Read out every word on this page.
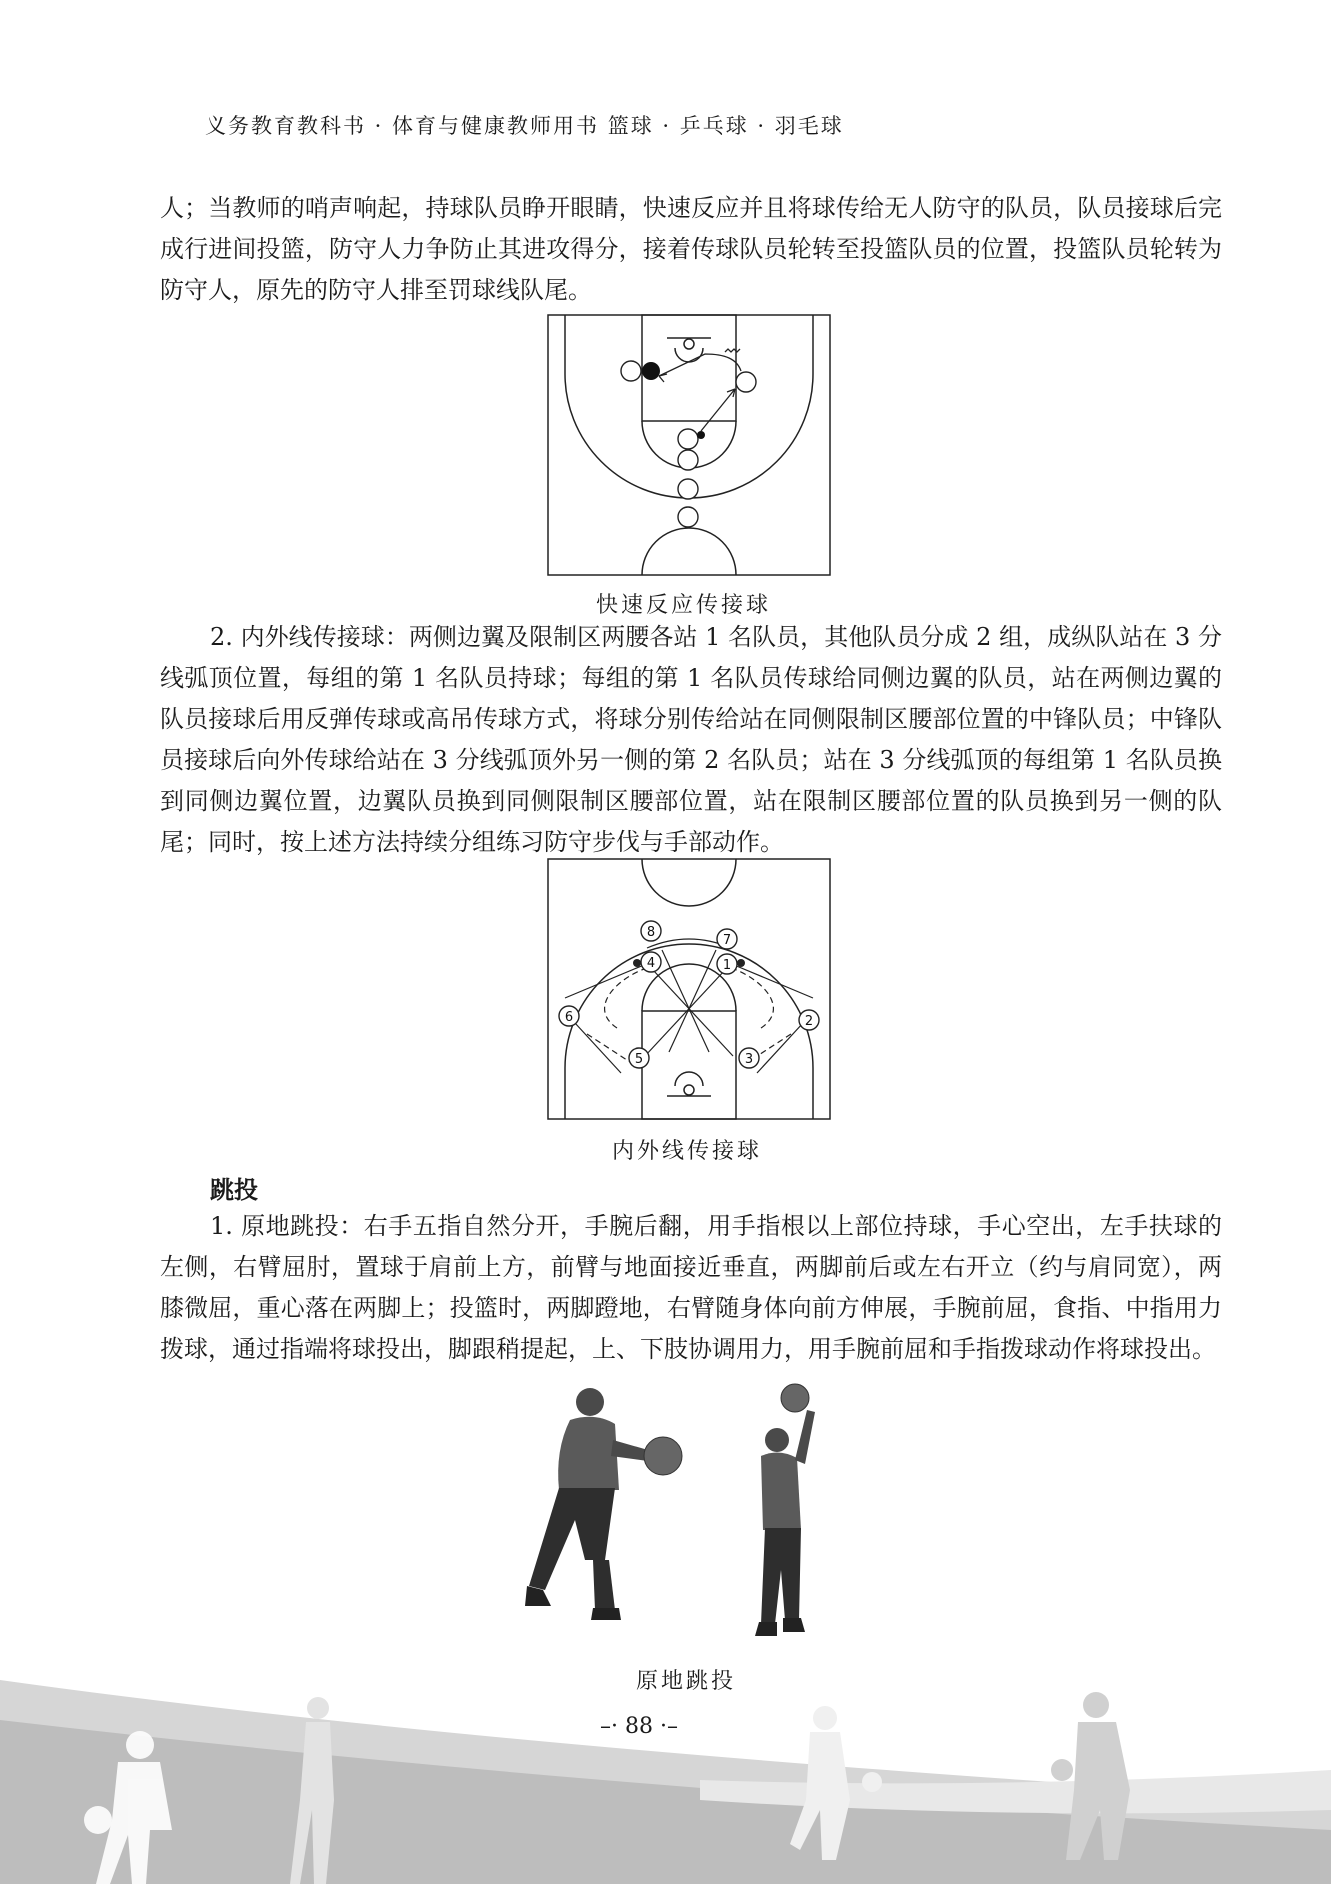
义务教育教科书 · 体育与健康教师用书 篮球 · 乒乓球 · 羽毛球

人；当教师的哨声响起，持球队员睁开眼睛，快速反应并且将球传给无人防守的队员，队员接球后完成行进间投篮，防守人力争防止其进攻得分，接着传球队员轮转至投篮队员的位置，投篮队员轮转为防守人，原先的防守人排至罚球线队尾。

快速反应传接球

2. 内外线传接球：两侧边翼及限制区两腰各站 1 名队员，其他队员分成 2 组，成纵队站在 3 分线弧顶位置，每组的第 1 名队员持球；每组的第 1 名队员传球给同侧边翼的队员，站在两侧边翼的队员接球后用反弹传球或高吊传球方式，将球分别传给站在同侧限制区腰部位置的中锋队员；中锋队员接球后向外传球给站在 3 分线弧顶外另一侧的第 2 名队员；站在 3 分线弧顶的每组第 1 名队员换到同侧边翼位置，边翼队员换到同侧限制区腰部位置，站在限制区腰部位置的队员换到另一侧的队尾；同时，按上述方法持续分组练习防守步伐与手部动作。

8
7
4	1
6	2
5	3
内外线传接球
跳投

1. 原地跳投：右手五指自然分开，手腕后翻，用手指根以上部位持球，手心空出，左手扶球的左侧，右臂屈肘，置球于肩前上方，前臂与地面接近垂直，两脚前后或左右开立（约与肩同宽），两膝微屈，重心落在两脚上；投篮时，两脚蹬地，右臂随身体向前方伸展，手腕前屈，食指、中指用力拨球，通过指端将球投出，脚跟稍提起，上、下肢协调用力，用手腕前屈和手指拨球动作将球投出。

原地跳投
–· 88 ·–
